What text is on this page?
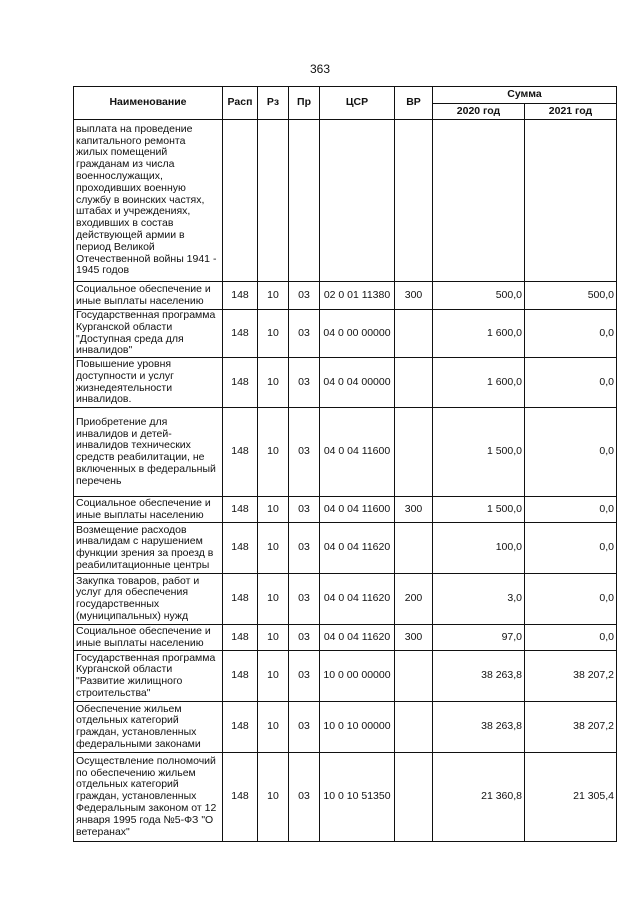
363
Наименование	Расп	Рз	Пр	ЦСР	ВР	Сумма	
						2020 год	2021 год
выплата на проведение капитального ремонта жилых помещений гражданам из числа военнослужащих, проходивших военную службу в воинских частях, штабах и учреждениях, входивших в состав действующей армии в период Великой Отечественной войны 1941 - 1945 годов							
Социальное обеспечение и иные выплаты населению	148	10	03	02 0 01 11380	300	500,0	500,0
Государственная программа Курганской области "Доступная среда для инвалидов"	148	10	03	04 0 00 00000		1 600,0	0,0
Повышение уровня доступности и услуг жизнедеятельности инвалидов.	148	10	03	04 0 04 00000		1 600,0	0,0
Приобретение для инвалидов и детей-инвалидов технических средств реабилитации, не включенных в федеральный перечень	148	10	03	04 0 04 11600		1 500,0	0,0
Социальное обеспечение и иные выплаты населению	148	10	03	04 0 04 11600	300	1 500,0	0,0
Возмещение расходов инвалидам с нарушением функции зрения за проезд в реабилитационные центры	148	10	03	04 0 04 11620		100,0	0,0
Закупка товаров, работ и услуг для обеспечения государственных (муниципальных) нужд	148	10	03	04 0 04 11620	200	3,0	0,0
Социальное обеспечение и иные выплаты населению	148	10	03	04 0 04 11620	300	97,0	0,0
Государственная программа Курганской области "Развитие жилищного строительства"	148	10	03	10 0 00 00000		38 263,8	38 207,2
Обеспечение жильем отдельных категорий граждан, установленных федеральными законами	148	10	03	10 0 10 00000		38 263,8	38 207,2
Осуществление полномочий по обеспечению жильем отдельных категорий граждан, установленных Федеральным законом от 12 января 1995 года №5-ФЗ "О ветеранах"	148	10	03	10 0 10 51350		21 360,8	21 305,4
